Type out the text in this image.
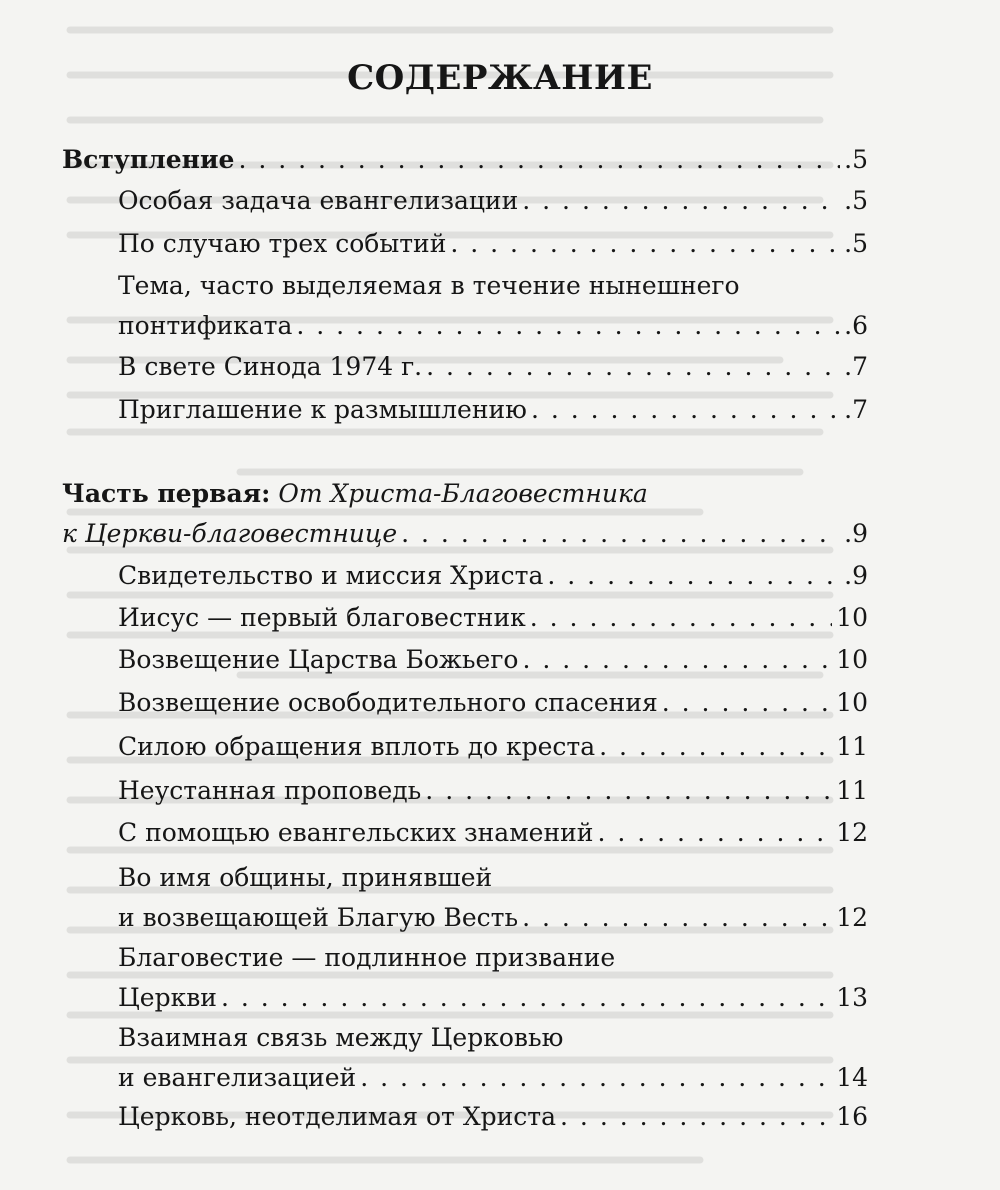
СОДЕРЖАНИЕ
Вступление . . .	.5
Особая задача евангелизации . . .	.5
По случаю трех событий . . .	.5
Тема, часто выделяемая в течение нынешнего
понтификата . . .	.6
В свете Синода 1974 г. . . .	.7
Приглашение к размышлению . . .	.7
Часть первая: От Христа-Благовестника
к Церкви-благовестнице . . .	.9
Свидетельство и миссия Христа . . .	.9
Иисус — первый благовестник . . .	10
Возвещение Царства Божьего . . .	10
Возвещение освободительного спасения . . .	10
Силою обращения вплоть до креста . . .	11
Неустанная проповедь . . .	11
С помощью евангельских знамений . . .	12
Во имя общины, принявшей
и возвещающей Благую Весть . . .	12
Благовестие — подлинное призвание
Церкви . . .	13
Взаимная связь между Церковью
и евангелизацией . . .	14
Церковь, неотделимая от Христа . . .	16
